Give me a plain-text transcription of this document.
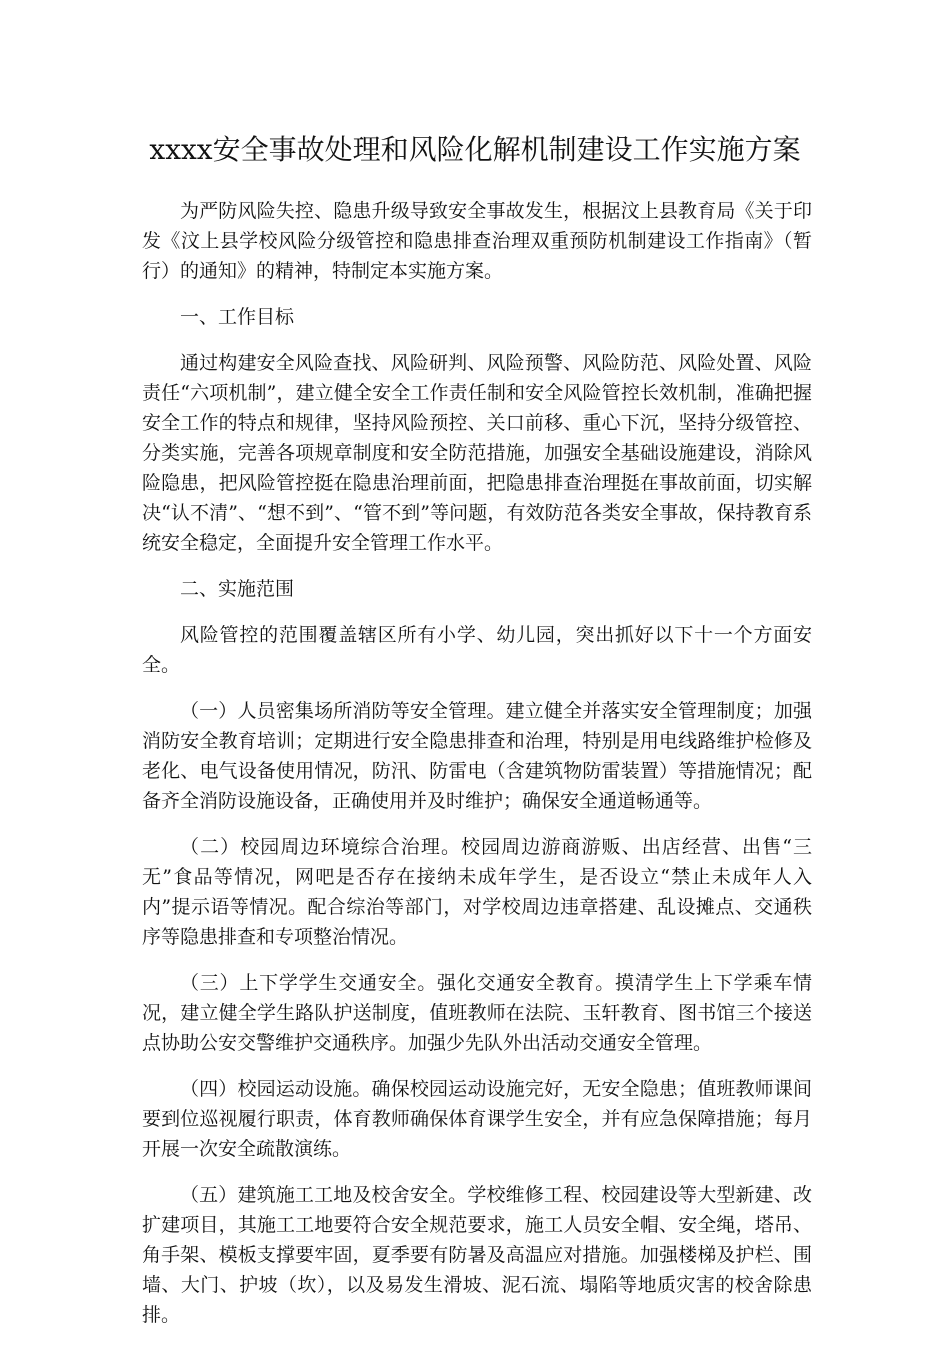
xxxx安全事故处理和风险化解机制建设工作实施方案

为严防风险失控、隐患升级导致安全事故发生，根据汶上县教育局《关于印发《汶上县学校风险分级管控和隐患排查治理双重预防机制建设工作指南》（暂行）的通知》的精神，特制定本实施方案。

一、工作目标

通过构建安全风险查找、风险研判、风险预警、风险防范、风险处置、风险责任“六项机制”，建立健全安全工作责任制和安全风险管控长效机制，准确把握安全工作的特点和规律，坚持风险预控、关口前移、重心下沉，坚持分级管控、分类实施，完善各项规章制度和安全防范措施，加强安全基础设施建设，消除风险隐患，把风险管控挺在隐患治理前面，把隐患排查治理挺在事故前面，切实解决“认不清”、“想不到”、“管不到”等问题，有效防范各类安全事故，保持教育系统安全稳定，全面提升安全管理工作水平。

二、实施范围

风险管控的范围覆盖辖区所有小学、幼儿园，突出抓好以下十一个方面安全。

（一）人员密集场所消防等安全管理。建立健全并落实安全管理制度；加强消防安全教育培训；定期进行安全隐患排查和治理，特别是用电线路维护检修及老化、电气设备使用情况，防汛、防雷电（含建筑物防雷装置）等措施情况；配备齐全消防设施设备，正确使用并及时维护；确保安全通道畅通等。

（二）校园周边环境综合治理。校园周边游商游贩、出店经营、出售“三无”食品等情况，网吧是否存在接纳未成年学生，是否设立“禁止未成年人入内”提示语等情况。配合综治等部门，对学校周边违章搭建、乱设摊点、交通秩序等隐患排查和专项整治情况。

（三）上下学学生交通安全。强化交通安全教育。摸清学生上下学乘车情况，建立健全学生路队护送制度，值班教师在法院、玉轩教育、图书馆三个接送点协助公安交警维护交通秩序。加强少先队外出活动交通安全管理。

（四）校园运动设施。确保校园运动设施完好，无安全隐患；值班教师课间要到位巡视履行职责，体育教师确保体育课学生安全，并有应急保障措施；每月开展一次安全疏散演练。

（五）建筑施工工地及校舍安全。学校维修工程、校园建设等大型新建、改扩建项目，其施工工地要符合安全规范要求，施工人员安全帽、安全绳，塔吊、角手架、模板支撑要牢固，夏季要有防暑及高温应对措施。加强楼梯及护栏、围墙、大门、护坡（坎），以及易发生滑坡、泥石流、塌陷等地质灾害的校舍除患排。
